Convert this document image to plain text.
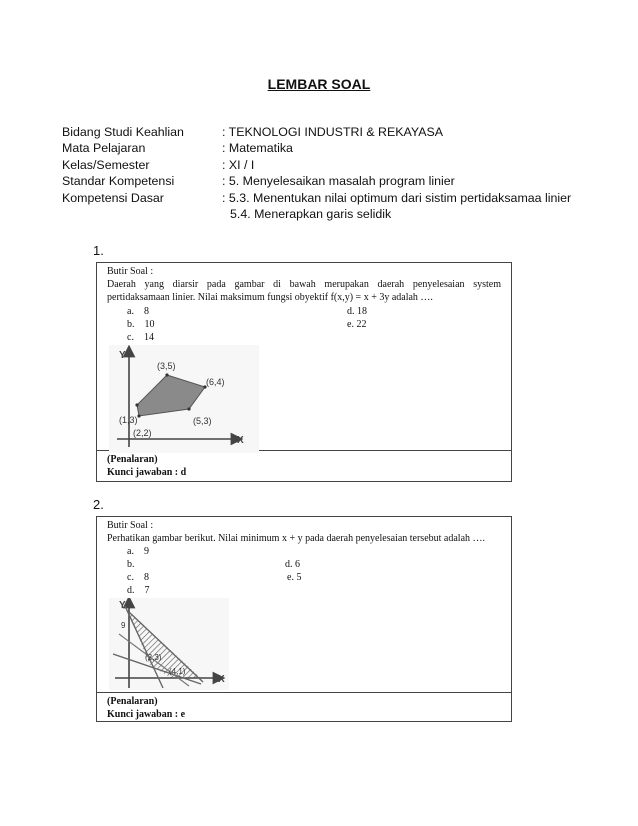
LEMBAR SOAL
Bidang Studi Keahlian	: TEKNOLOGI INDUSTRI & REKAYASA
Mata Pelajaran	: Matematika
Kelas/Semester	: XI / I
Standar Kompetensi	: 5. Menyelesaikan masalah program linier
Kompetensi Dasar	: 5.3. Menentukan nilai optimum dari sistim pertidaksamaa linier
5.4. Menerapkan garis selidik
1.
Butir Soal :
Daerah yang diarsir pada gambar di bawah merupakan daerah penyelesaian system pertidaksamaan linier. Nilai maksimum fungsi obyektif f(x,y) = x + 3y adalah ….
a.    8
b.    10
c.    14
d. 18
e. 22
Y
X
(3,5)
(6,4)
(1,3)	(5,3)
(2,2)
(Penalaran)
Kunci jawaban : d
2.
Butir Soal :
Perhatikan gambar berikut. Nilai minimum x + y pada daerah penyelesaian tersebut adalah ….
a.    9
b.
c.    8
d.    7
d. 6
e. 5
Y
X
9
(2,3)
(4,1)
(Penalaran)
Kunci jawaban : e
